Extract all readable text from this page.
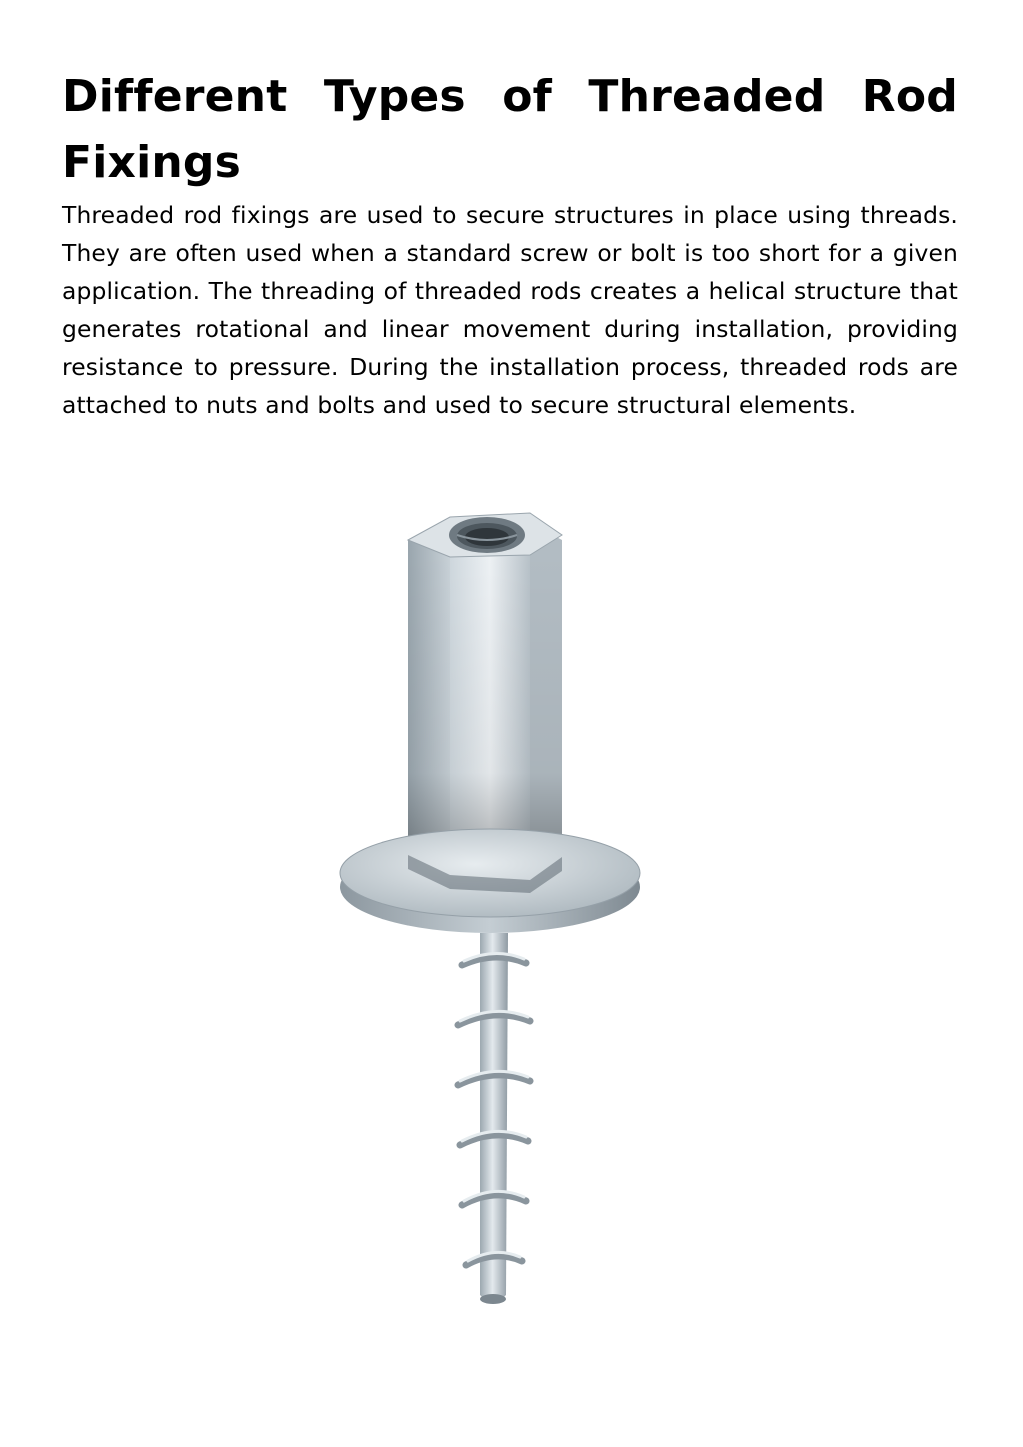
Different Types of Threaded Rod Fixings

Threaded rod fixings are used to secure structures in place using threads. They are often used when a standard screw or bolt is too short for a given application. The threading of threaded rods creates a helical structure that generates rotational and linear movement during installation, providing resistance to pressure. During the installation process, threaded rods are attached to nuts and bolts and used to secure structural elements.
